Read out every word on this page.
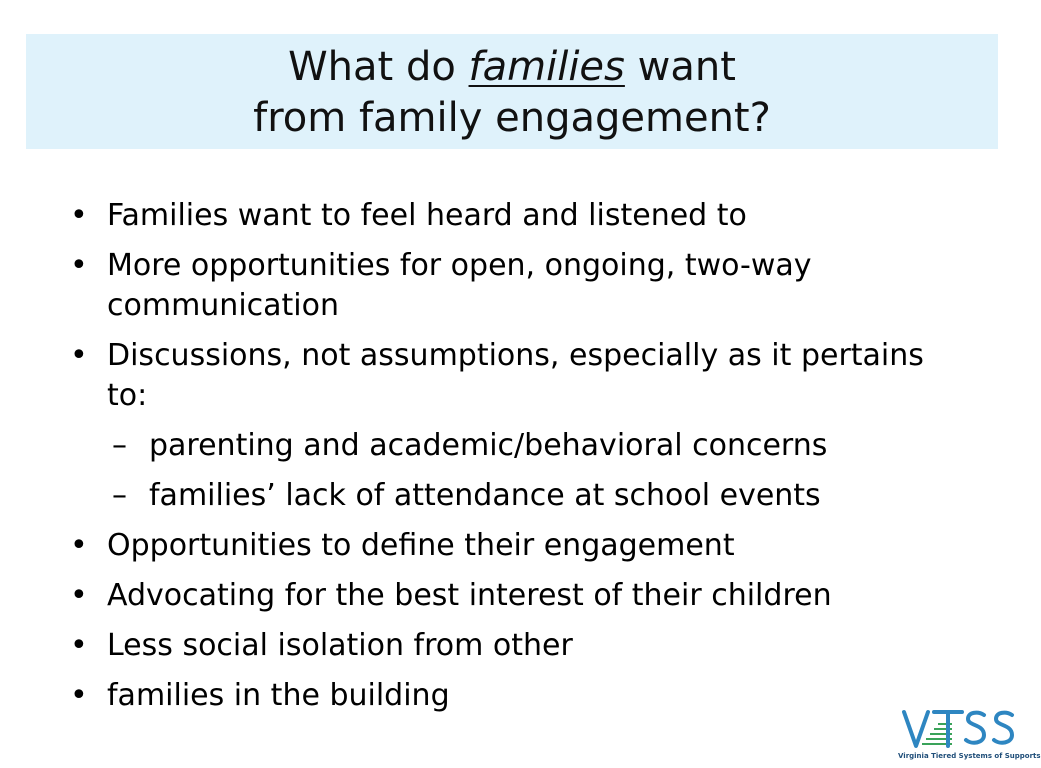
What do families want
from family engagement?
• Families want to feel heard and listened to
• More opportunities for open, ongoing, two-way communication
• Discussions, not assumptions, especially as it pertains to:
– parenting and academic/behavioral concerns
– families’ lack of attendance at school events
• Opportunities to define their engagement
• Advocating for the best interest of their children
• Less social isolation from other
• families in the building
Virginia Tiered Systems of Supports
